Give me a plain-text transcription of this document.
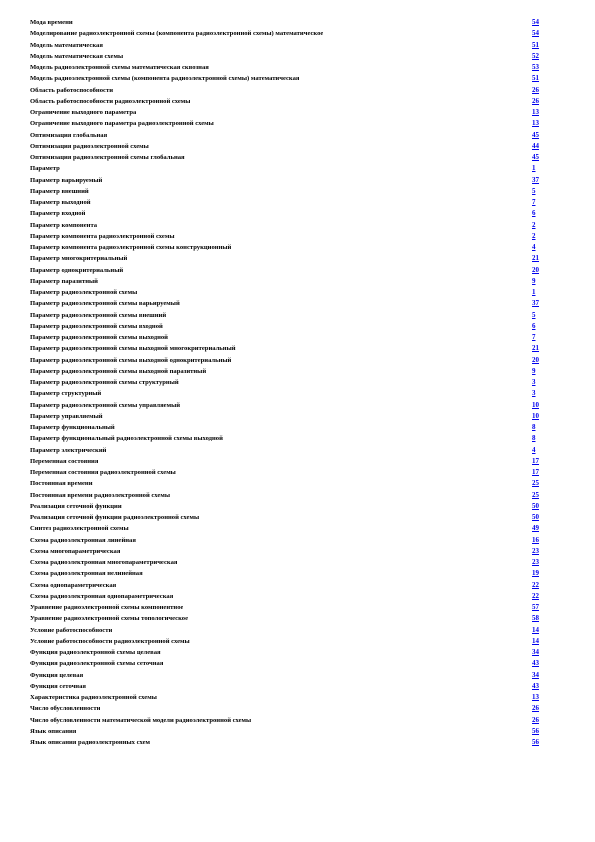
Мода времени	54
Моделирование радиоэлектронной схемы (компонента радиоэлектронной схемы) математическое	54
Модель математическая	51
Модель математическая схемы	52
Модель радиоэлектронной схемы математическая сквозная	53
Модель радиоэлектронной схемы (компонента радиоэлектронной схемы) математическая	51
Область работоспособности	26
Область работоспособности радиоэлектронной схемы	26
Ограничение выходного параметра	13
Ограничение выходного параметра радиоэлектронной схемы	13
Оптимизация глобальная	45
Оптимизация радиоэлектронной схемы	44
Оптимизация радиоэлектронной схемы глобальная	45
Параметр	1
Параметр варьируемый	37
Параметр внешний	5
Параметр выходной	7
Параметр входной	6
Параметр компонента	2
Параметр компонента радиоэлектронной схемы	2
Параметр компонента радиоэлектронной схемы конструкционный	4
Параметр многокритериальный	21
Параметр однокритериальный	20
Параметр паразитный	9
Параметр радиоэлектронной схемы	1
Параметр радиоэлектронной схемы варьируемый	37
Параметр радиоэлектронной схемы внешний	5
Параметр радиоэлектронной схемы входной	6
Параметр радиоэлектронной схемы выходной	7
Параметр радиоэлектронной схемы выходной многокритериальный	21
Параметр радиоэлектронной схемы выходной однокритериальный	20
Параметр радиоэлектронной схемы выходной паразитный	9
Параметр радиоэлектронной схемы структурный	3
Параметр структурный	3
Параметр радиоэлектронной схемы управляемый	10
Параметр управляемый	10
Параметр функциональный	8
Параметр функциональный радиоэлектронной схемы выходной	8
Параметр электрический	4
Переменная состояния	17
Переменная состояния радиоэлектронной схемы	17
Постоянная времени	25
Постоянная времени радиоэлектронной схемы	25
Реализация сеточной функции	50
Реализация сеточной функции радиоэлектронной схемы	50
Синтез радиоэлектронной схемы	49
Схема радиоэлектронная линейная	16
Схема многопараметрическая	23
Схема радиоэлектронная многопараметрическая	23
Схема радиоэлектронная нелинейная	19
Схема однопараметрическая	22
Схема радиоэлектронная однопараметрическая	22
Уравнение радиоэлектронной схемы компонентное	57
Уравнение радиоэлектронной схемы топологическое	58
Условие работоспособности	14
Условие работоспособности радиоэлектронной схемы	14
Функция радиоэлектронной схемы целевая	34
Функция радиоэлектронной схемы сеточная	43
Функция целевая	34
Функция сеточная	43
Характеристика радиоэлектронной схемы	13
Число обусловленности	26
Число обусловленности математической модели радиоэлектронной схемы	26
Язык описания	56
Язык описания радиоэлектронных схем	56
